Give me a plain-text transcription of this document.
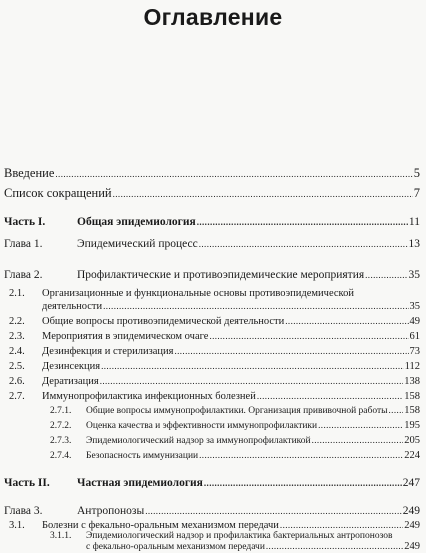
Оглавление
Введение .....	5
Список сокращений .....	7
Часть I.	Общая эпидемиология .....	11
Глава 1.	Эпидемический процесс .....	13
Глава 2.	Профилактические и противоэпидемические мероприятия .....	35
2.1.	Организационные и функциональные основы противоэпидемической
деятельности .....	35
2.2.	Общие вопросы противоэпидемической деятельности .....	49
2.3.	Мероприятия в эпидемическом очаге .....	61
2.4.	Дезинфекция и стерилизация .....	73
2.5.	Дезинсекция .....	112
2.6.	Дератизация .....	138
2.7.	Иммунопрофилактика инфекционных болезней .....	158
2.7.1.	Общие вопросы иммунопрофилактики. Организация прививочной работы ..... 158
2.7.2.	Оценка качества и эффективности иммунопрофилактики .....	195
2.7.3.	Эпидемиологический надзор за иммунопрофилактикой .....	205
2.7.4.	Безопасность иммунизации .....	224
Часть II.	Частная эпидемиология .....	247
Глава 3.	Антропонозы .....	249
3.1.	Болезни с фекально-оральным механизмом передачи .....	249
3.1.1.	Эпидемиологический надзор и профилактика бактериальных антропонозов
с фекально-оральным механизмом передачи .....	249
